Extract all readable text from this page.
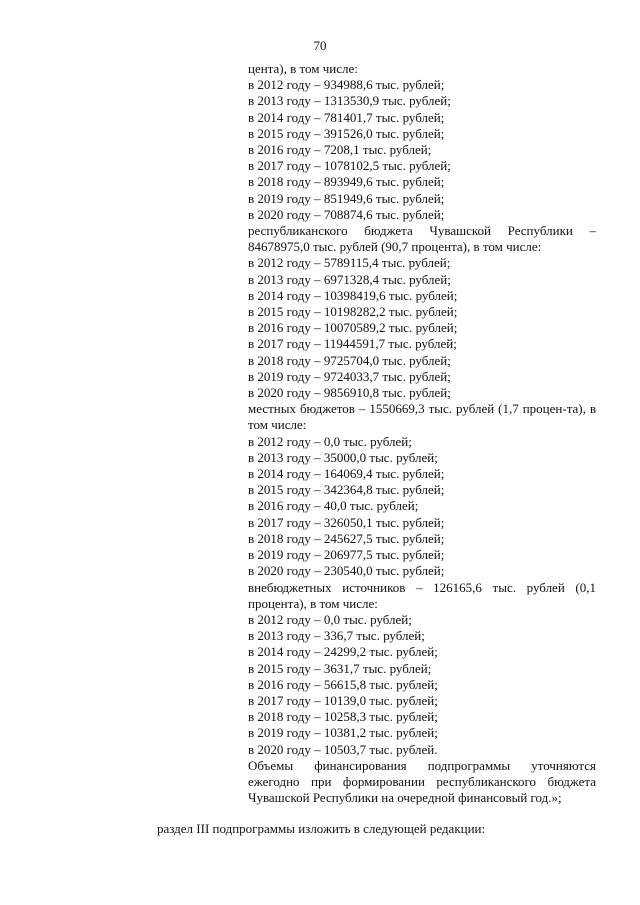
70
цента), в том числе:
в 2012 году – 934988,6 тыс. рублей;
в 2013 году – 1313530,9 тыс. рублей;
в 2014 году – 781401,7 тыс. рублей;
в 2015 году – 391526,0 тыс. рублей;
в 2016 году – 7208,1 тыс. рублей;
в 2017 году – 1078102,5 тыс. рублей;
в 2018 году – 893949,6 тыс. рублей;
в 2019 году – 851949,6 тыс. рублей;
в 2020 году – 708874,6 тыс. рублей;
республиканского бюджета Чувашской Республики – 84678975,0 тыс. рублей (90,7 процента), в том числе:
в 2012 году – 5789115,4 тыс. рублей;
в 2013 году – 6971328,4 тыс. рублей;
в 2014 году – 10398419,6 тыс. рублей;
в 2015 году – 10198282,2 тыс. рублей;
в 2016 году – 10070589,2 тыс. рублей;
в 2017 году – 11944591,7 тыс. рублей;
в 2018 году – 9725704,0 тыс. рублей;
в 2019 году – 9724033,7 тыс. рублей;
в 2020 году – 9856910,8 тыс. рублей;
местных бюджетов – 1550669,3 тыс. рублей (1,7 процен-та), в том числе:
в 2012 году – 0,0 тыс. рублей;
в 2013 году – 35000,0 тыс. рублей;
в 2014 году – 164069,4 тыс. рублей;
в 2015 году – 342364,8 тыс. рублей;
в 2016 году – 40,0 тыс. рублей;
в 2017 году – 326050,1 тыс. рублей;
в 2018 году – 245627,5 тыс. рублей;
в 2019 году – 206977,5 тыс. рублей;
в 2020 году – 230540,0 тыс. рублей;
внебюджетных источников – 126165,6 тыс. рублей (0,1 процента), в том числе:
в 2012 году – 0,0 тыс. рублей;
в 2013 году – 336,7 тыс. рублей;
в 2014 году – 24299,2 тыс. рублей;
в 2015 году – 3631,7 тыс. рублей;
в 2016 году – 56615,8 тыс. рублей;
в 2017 году – 10139,0 тыс. рублей;
в 2018 году – 10258,3 тыс. рублей;
в 2019 году – 10381,2 тыс. рублей;
в 2020 году – 10503,7 тыс. рублей.
Объемы финансирования подпрограммы уточняются ежегодно при формировании республиканского бюджета Чувашской Республики на очередной финансовый год.»;
раздел III подпрограммы изложить в следующей редакции:
